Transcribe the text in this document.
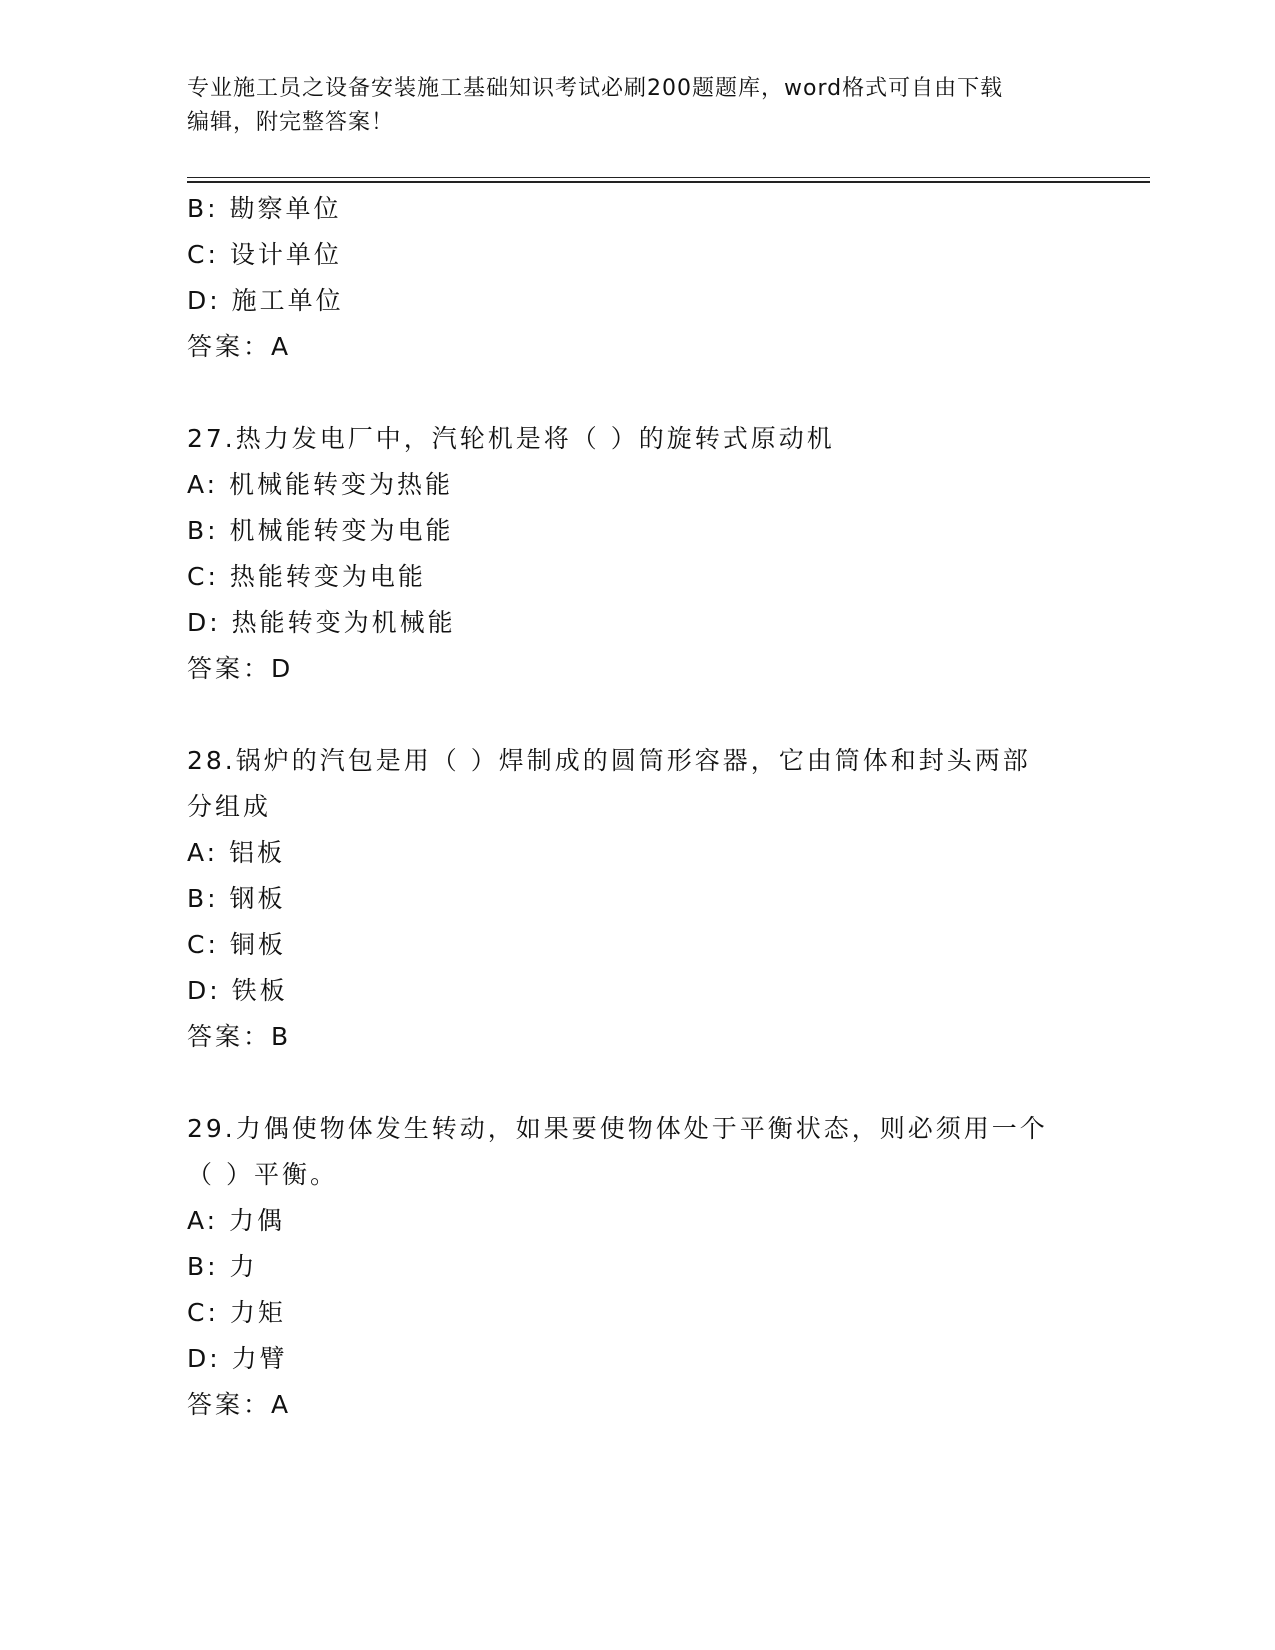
专业施工员之设备安装施工基础知识考试必刷200题题库，word格式可自由下载
编辑，附完整答案！
B: 勘察单位
C: 设计单位
D: 施工单位
答案：A
27.热力发电厂中，汽轮机是将（ ）的旋转式原动机
A: 机械能转变为热能
B: 机械能转变为电能
C: 热能转变为电能
D: 热能转变为机械能
答案：D
28.锅炉的汽包是用（ ）焊制成的圆筒形容器，它由筒体和封头两部
分组成
A: 铝板
B: 钢板
C: 铜板
D: 铁板
答案：B
29.力偶使物体发生转动，如果要使物体处于平衡状态，则必须用一个
（ ）平衡。
A: 力偶
B: 力
C: 力矩
D: 力臂
答案：A
